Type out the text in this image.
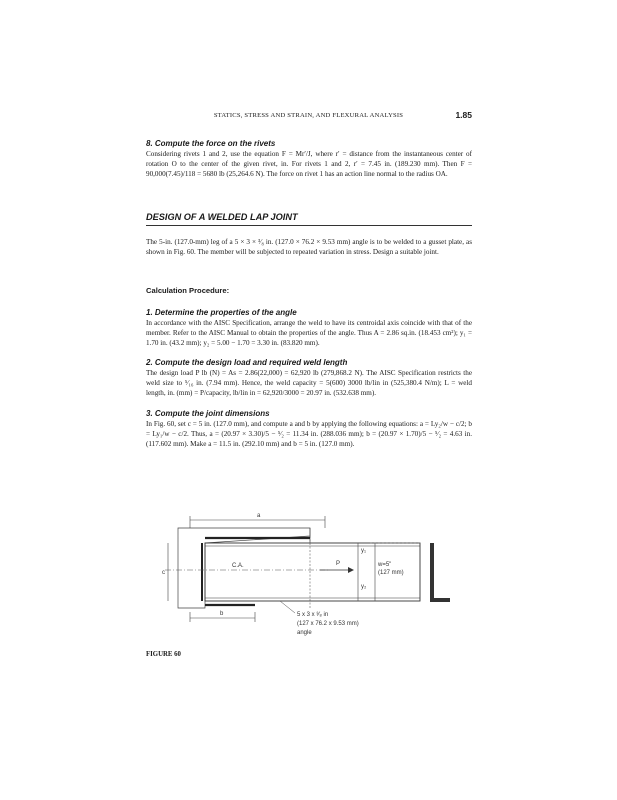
STATICS, STRESS AND STRAIN, AND FLEXURAL ANALYSIS	1.85
8. Compute the force on the rivets
Considering rivets 1 and 2, use the equation F = Mr′/J, where r′ = distance from the instantaneous center of rotation O to the center of the given rivet, in. For rivets 1 and 2, r′ = 7.45 in. (189.230 mm). Then F = 90,000(7.45)/118 = 5680 lb (25,264.6 N). The force on rivet 1 has an action line normal to the radius OA.
DESIGN OF A WELDED LAP JOINT
The 5-in. (127.0-mm) leg of a 5 × 3 × ³⁄₈ in. (127.0 × 76.2 × 9.53 mm) angle is to be welded to a gusset plate, as shown in Fig. 60. The member will be subjected to repeated variation in stress. Design a suitable joint.
Calculation Procedure:
1. Determine the properties of the angle
In accordance with the AISC Specification, arrange the weld to have its centroidal axis coincide with that of the member. Refer to the AISC Manual to obtain the properties of the angle. Thus A = 2.86 sq.in. (18.453 cm²); y₁ = 1.70 in. (43.2 mm); y₂ = 5.00 − 1.70 = 3.30 in. (83.820 mm).
2. Compute the design load and required weld length
The design load P lb (N) = As = 2.86(22,000) = 62,920 lb (279,868.2 N). The AISC Specification restricts the weld size to ⁵⁄₁₆ in. (7.94 mm). Hence, the weld capacity = 5(600) 3000 lb/lin in (525,380.4 N/m); L = weld length, in. (mm) = P/capacity, lb/lin in = 62,920/3000 = 20.97 in. (532.638 mm).
3. Compute the joint dimensions
In Fig. 60, set c = 5 in. (127.0 mm), and compute a and b by applying the following equations: a = Ly₂/w − c/2; b = Ly₁/w − c/2. Thus, a = (20.97 × 3.30)/5 − ⁵⁄₂ = 11.34 in. (288.036 mm); b = (20.97 × 1.70)/5 − ⁵⁄₂ = 4.63 in. (117.602 mm). Make a = 11.5 in. (292.10 mm) and b = 5 in. (127.0 mm).
a
C.A.
c
P
y₁
y₂
w=5"
(127 mm)
b	5 x 3 x ³⁄₈ in
(127 x 76.2 x 9.53 mm)
angle
FIGURE 60
